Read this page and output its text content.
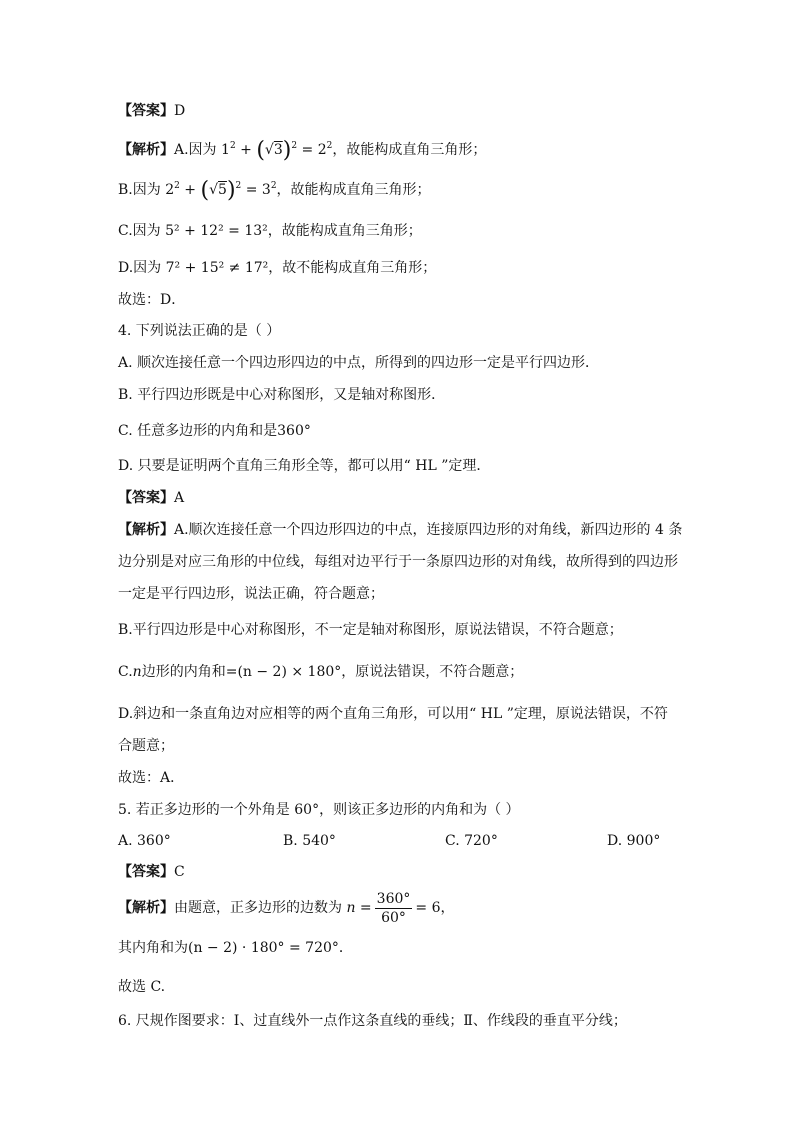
【答案】D
【解析】A.因为 $1^2 + (√3)^2 = 2^2$，故能构成直角三角形；
B.因为 $2^2 + (√5)^2 = 3^2$，故能构成直角三角形；
C.因为 5² + 12² = 13²，故能构成直角三角形；
D.因为 7² + 15² ≠ 17²，故不能构成直角三角形；
故选：D．
4. 下列说法正确的是（ ）
A. 顺次连接任意一个四边形四边的中点，所得到的四边形一定是平行四边形．
B. 平行四边形既是中心对称图形，又是轴对称图形．
C. 任意多边形的内角和是360°
D. 只要是证明两个直角三角形全等，都可以用“ HL ”定理．
【答案】A
【解析】A.顺次连接任意一个四边形四边的中点，连接原四边形的对角线，新四边形的 4 条
边分别是对应三角形的中位线，每组对边平行于一条原四边形的对角线，故所得到的四边形
一定是平行四边形，说法正确，符合题意；
B.平行四边形是中心对称图形，不一定是轴对称图形，原说法错误，不符合题意；
C.n边形的内角和=(n − 2) × 180°，原说法错误，不符合题意；
D.斜边和一条直角边对应相等的两个直角三角形，可以用“ HL ”定理，原说法错误，不符
合题意；
故选：A．
5. 若正多边形的一个外角是 60°，则该正多边形的内角和为（ ）
A. 360°	B. 540°	C. 720°	D. 900°
【答案】C
【解析】由题意，正多边形的边数为 $n = \frac{360^\circ}{60^\circ} = 6$，
其内角和为(n − 2) · 180° = 720°．
故选 C.
6. 尺规作图要求：Ⅰ、过直线外一点作这条直线的垂线；Ⅱ、作线段的垂直平分线；
